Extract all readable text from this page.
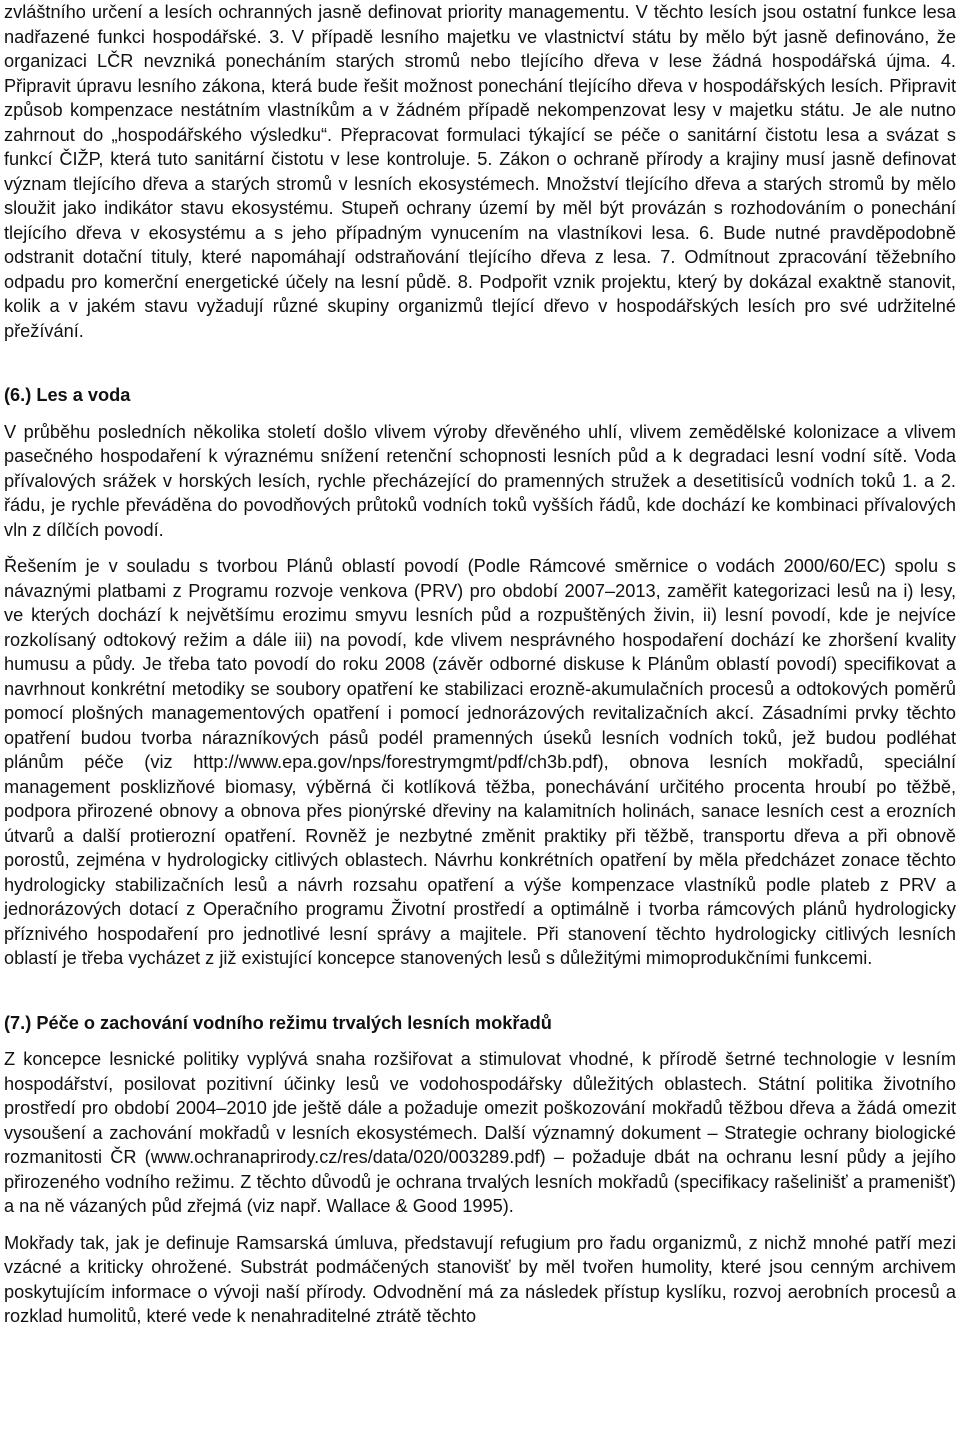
zvláštního určení a lesích ochranných jasně definovat priority managementu. V těchto lesích jsou ostatní funkce lesa nadřazené funkci hospodářské. 3. V případě lesního majetku ve vlastnictví státu by mělo být jasně definováno, že organizaci LČR nevzniká ponecháním starých stromů nebo tlejícího dřeva v lese žádná hospodářská újma. 4. Připravit úpravu lesního zákona, která bude řešit možnost ponechání tlejícího dřeva v hospodářských lesích. Připravit způsob kompenzace nestátním vlastníkům a v žádném případě nekompenzovat lesy v majetku státu. Je ale nutno zahrnout do „hospodářského výsledku“. Přepracovat formulaci týkající se péče o sanitární čistotu lesa a svázat s funkcí ČIŽP, která tuto sanitární čistotu v lese kontroluje. 5. Zákon o ochraně přírody a krajiny musí jasně definovat význam tlejícího dřeva a starých stromů v lesních ekosystémech. Množství tlejícího dřeva a starých stromů by mělo sloužit jako indikátor stavu ekosystému. Stupeň ochrany území by měl být provázán s rozhodováním o ponechání tlejícího dřeva v ekosystému a s jeho případným vynucením na vlastníkovi lesa. 6. Bude nutné pravděpodobně odstranit dotační tituly, které napomáhají odstraňování tlejícího dřeva z lesa. 7. Odmítnout zpracování těžebního odpadu pro komerční energetické účely na lesní půdě. 8. Podpořit vznik projektu, který by dokázal exaktně stanovit, kolik a v jakém stavu vyžadují různé skupiny organizmů tlející dřevo v hospodářských lesích pro své udržitelné přežívání.

(6.) Les a voda

V průběhu posledních několika století došlo vlivem výroby dřevěného uhlí, vlivem zemědělské kolonizace a vlivem pasečného hospodaření k výraznému snížení retenční schopnosti lesních půd a k degradaci lesní vodní sítě. Voda přívalových srážek v horských lesích, rychle přecházející do pramenných stružek a desetitisíců vodních toků 1. a 2. řádu, je rychle převáděna do povodňových průtoků vodních toků vyšších řádů, kde dochází ke kombinaci přívalových vln z dílčích povodí.

Řešením je v souladu s tvorbou Plánů oblastí povodí (Podle Rámcové směrnice o vodách 2000/60/EC) spolu s návaznými platbami z Programu rozvoje venkova (PRV) pro období 2007–2013, zaměřit kategorizaci lesů na i) lesy, ve kterých dochází k největšímu erozimu smyvu lesních půd a rozpuštěných živin, ii) lesní povodí, kde je nejvíce rozkolísaný odtokový režim a dále iii) na povodí, kde vlivem nesprávného hospodaření dochází ke zhoršení kvality humusu a půdy. Je třeba tato povodí do roku 2008 (závěr odborné diskuse k Plánům oblastí povodí) specifikovat a navrhnout konkrétní metodiky se soubory opatření ke stabilizaci erozně-akumulačních procesů a odtokových poměrů pomocí plošných managementových opatření i pomocí jednorázových revitalizačních akcí. Zásadními prvky těchto opatření budou tvorba nárazníkových pásů podél pramenných úseků lesních vodních toků, jež budou podléhat plánům péče (viz http://www.epa.gov/nps/forestrymgmt/pdf/ch3b.pdf), obnova lesních mokřadů, speciální management posklizňové biomasy, výběrná či kotlíková těžba, ponechávání určitého procenta hroubí po těžbě, podpora přirozené obnovy a obnova přes pionýrské dřeviny na kalamitních holinách, sanace lesních cest a erozních útvarů a další protierozní opatření. Rovněž je nezbytné změnit praktiky při těžbě, transportu dřeva a při obnově porostů, zejména v hydrologicky citlivých oblastech. Návrhu konkrétních opatření by měla předcházet zonace těchto hydrologicky stabilizačních lesů a návrh rozsahu opatření a výše kompenzace vlastníků podle plateb z PRV a jednorázových dotací z Operačního programu Životní prostředí a optimálně i tvorba rámcových plánů hydrologicky příznivého hospodaření pro jednotlivé lesní správy a majitele. Při stanovení těchto hydrologicky citlivých lesních oblastí je třeba vycházet z již existující koncepce stanovených lesů s důležitými mimoprodukčními funkcemi.

(7.) Péče o zachování vodního režimu trvalých lesních mokřadů

Z koncepce lesnické politiky vyplývá snaha rozšiřovat a stimulovat vhodné, k přírodě šetrné technologie v lesním hospodářství, posilovat pozitivní účinky lesů ve vodohospodářsky důležitých oblastech. Státní politika životního prostředí pro období 2004–2010 jde ještě dále a požaduje omezit poškozování mokřadů těžbou dřeva a žádá omezit vysoušení a zachování mokřadů v lesních ekosystémech. Další významný dokument – Strategie ochrany biologické rozmanitosti ČR (www.ochranaprirody.cz/res/data/020/003289.pdf) – požaduje dbát na ochranu lesní půdy a jejího přirozeného vodního režimu. Z těchto důvodů je ochrana trvalých lesních mokřadů (specifikacy rašelinišť a pramenišť) a na ně vázaných půd zřejmá (viz např. Wallace & Good 1995).

Mokřady tak, jak je definuje Ramsarská úmluva, představují refugium pro řadu organizmů, z nichž mnohé patří mezi vzácné a kriticky ohrožené. Substrát podmáčených stanovišť by měl tvořen humolity, které jsou cenným archivem poskytujícím informace o vývoji naší přírody. Odvodnění má za následek přístup kyslíku, rozvoj aerobních procesů a rozklad humolitů, které vede k nenahraditelné ztrátě těchto
